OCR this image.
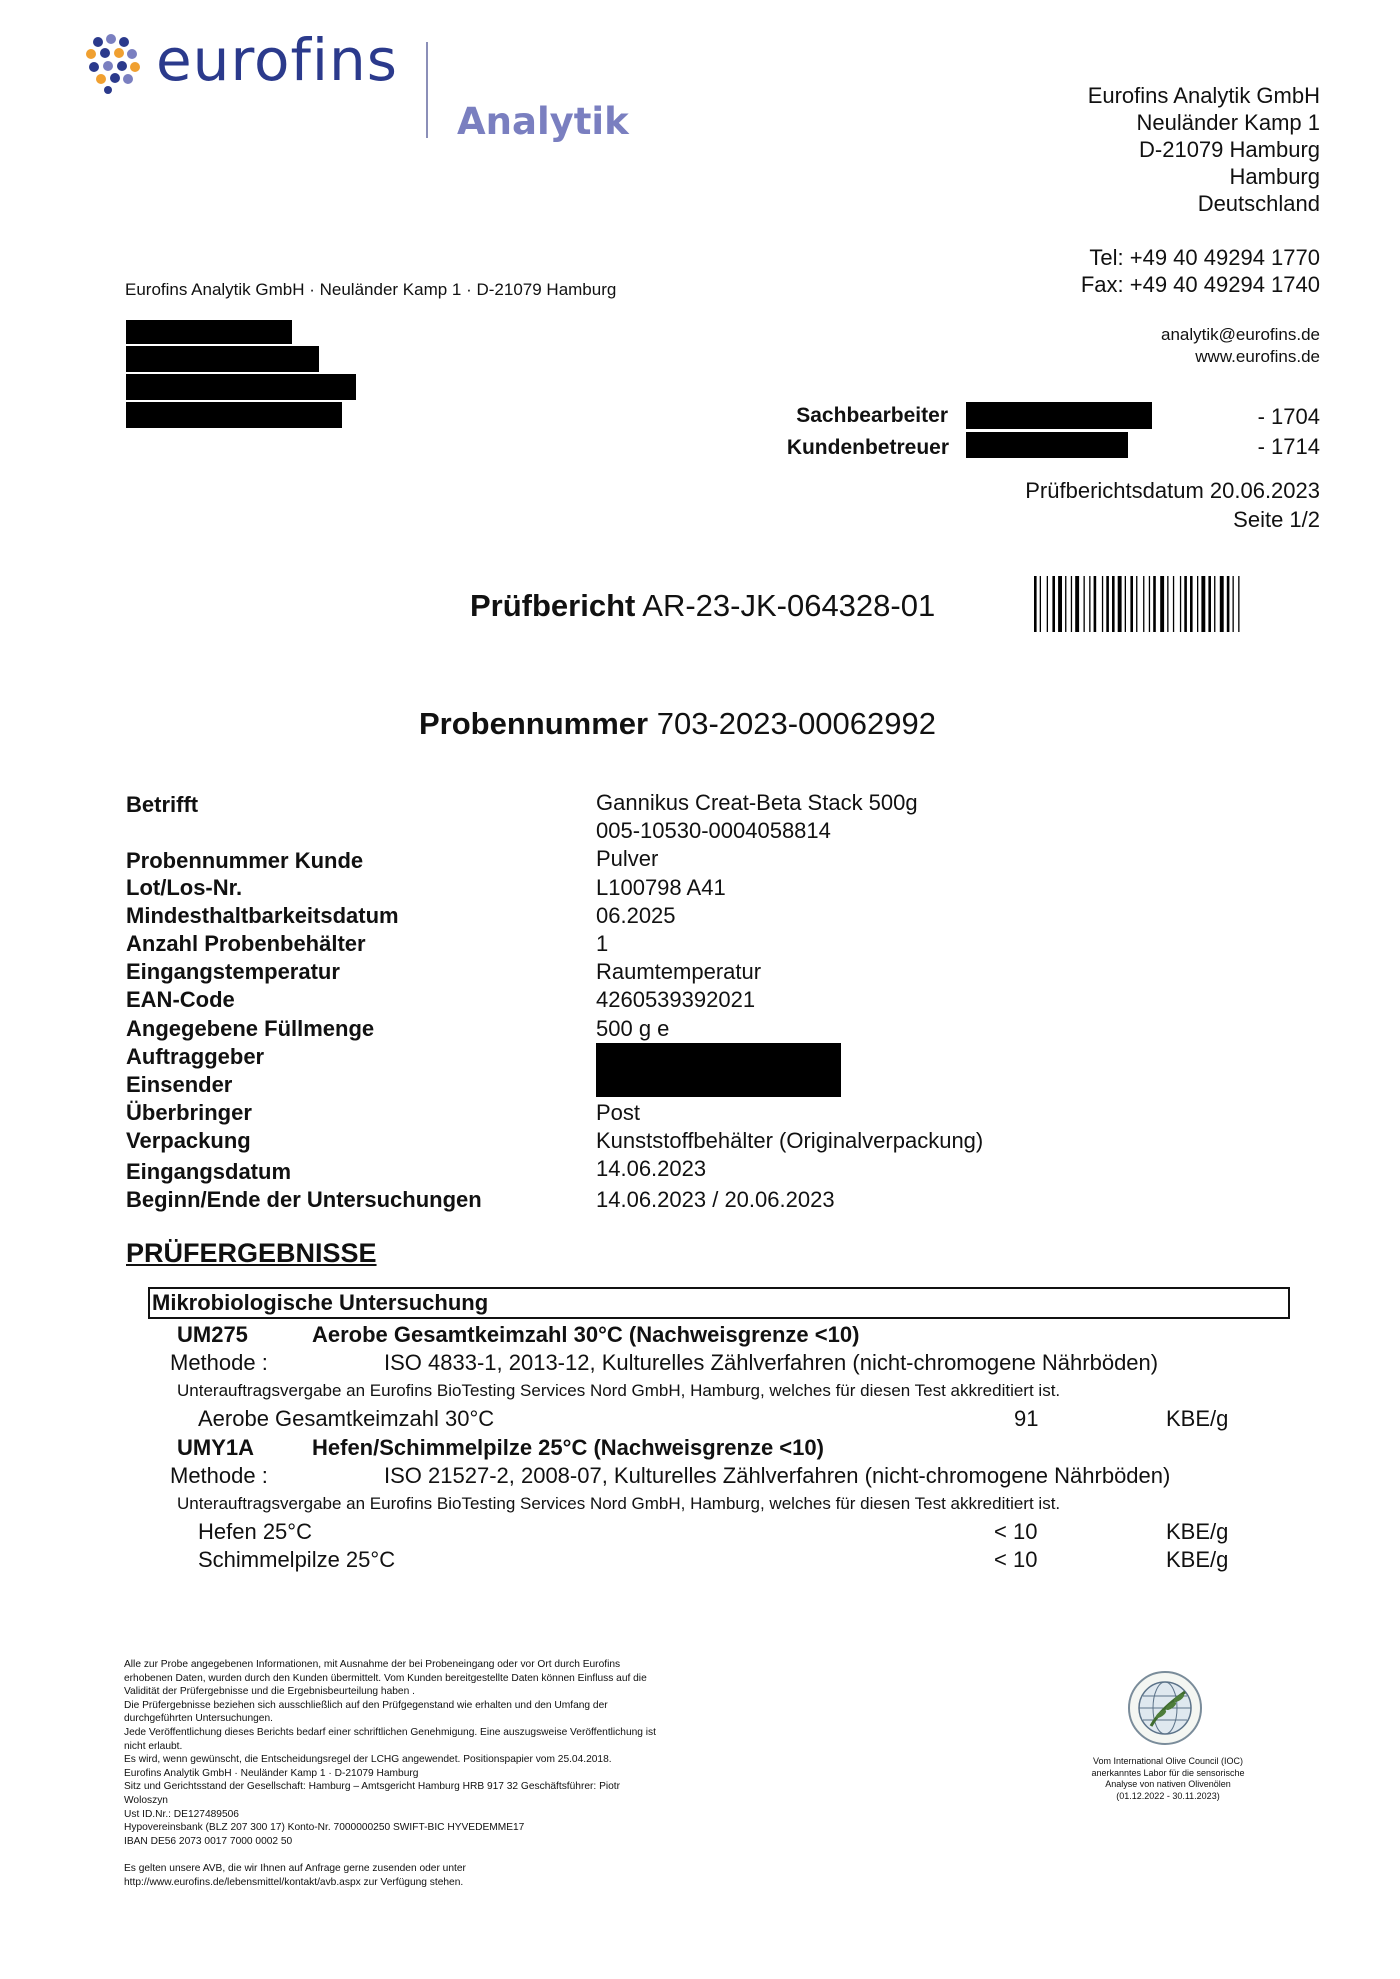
eurofins
Analytik
Eurofins Analytik GmbH
Neuländer Kamp 1
D-21079 Hamburg
Hamburg
Deutschland
Tel: +49 40 49294 1770
Fax: +49 40 49294 1740
analytik@eurofins.de
www.eurofins.de
Eurofins Analytik GmbH · Neuländer Kamp 1 · D-21079 Hamburg
Sachbearbeiter	- 1704
Kundenbetreuer	- 1714
Prüfberichtsdatum 20.06.2023
Seite 1/2
Prüfbericht AR-23-JK-064328-01
Probennummer 703-2023-00062992
Betrifft	Gannikus Creat-Beta Stack 500g
005-10530-0004058814
Probennummer Kunde	Pulver
Lot/Los-Nr.	L100798 A41
Mindesthaltbarkeitsdatum	06.2025
Anzahl Probenbehälter	1
Eingangstemperatur	Raumtemperatur
EAN-Code	4260539392021
Angegebene Füllmenge	500 g e
Auftraggeber
Einsender
Überbringer	Post
Verpackung	Kunststoffbehälter (Originalverpackung)
Eingangsdatum	14.06.2023
Beginn/Ende der Untersuchungen	14.06.2023 / 20.06.2023
PRÜFERGEBNISSE
Mikrobiologische Untersuchung
UM275	Aerobe Gesamtkeimzahl 30°C (Nachweisgrenze <10)
Methode :	ISO 4833-1, 2013-12, Kulturelles Zählverfahren (nicht-chromogene Nährböden)
Unterauftragsvergabe an Eurofins BioTesting Services Nord GmbH, Hamburg, welches für diesen Test akkreditiert ist.
Aerobe Gesamtkeimzahl 30°C	91	KBE/g
UMY1A	Hefen/Schimmelpilze 25°C (Nachweisgrenze <10)
Methode :	ISO 21527-2, 2008-07, Kulturelles Zählverfahren (nicht-chromogene Nährböden)
Unterauftragsvergabe an Eurofins BioTesting Services Nord GmbH, Hamburg, welches für diesen Test akkreditiert ist.
Hefen 25°C	< 10	KBE/g
Schimmelpilze 25°C	< 10	KBE/g
Alle zur Probe angegebenen Informationen, mit Ausnahme der bei Probeneingang oder vor Ort durch Eurofins
erhobenen Daten, wurden durch den Kunden übermittelt. Vom Kunden bereitgestellte Daten können Einfluss auf die
Validität der Prüfergebnisse und die Ergebnisbeurteilung haben .
Die Prüfergebnisse beziehen sich ausschließlich auf den Prüfgegenstand wie erhalten und den Umfang der
durchgeführten Untersuchungen.
Jede Veröffentlichung dieses Berichts bedarf einer schriftlichen Genehmigung. Eine auszugsweise Veröffentlichung ist
nicht erlaubt.
Es wird, wenn gewünscht, die Entscheidungsregel der LCHG angewendet. Positionspapier vom 25.04.2018.
Eurofins Analytik GmbH · Neuländer Kamp 1 · D-21079 Hamburg
Sitz und Gerichtsstand der Gesellschaft: Hamburg – Amtsgericht Hamburg HRB 917 32 Geschäftsführer: Piotr
Woloszyn
Ust ID.Nr.: DE127489506
Hypovereinsbank (BLZ 207 300 17) Konto-Nr. 7000000250 SWIFT-BIC HYVEDEMME17
IBAN DE56 2073 0017 7000 0002 50
Es gelten unsere AVB, die wir Ihnen auf Anfrage gerne zusenden oder unter
http://www.eurofins.de/lebensmittel/kontakt/avb.aspx zur Verfügung stehen.
Vom International Olive Council (IOC)
anerkanntes Labor für die sensorische
Analyse von nativen Olivenölen
(01.12.2022 - 30.11.2023)
